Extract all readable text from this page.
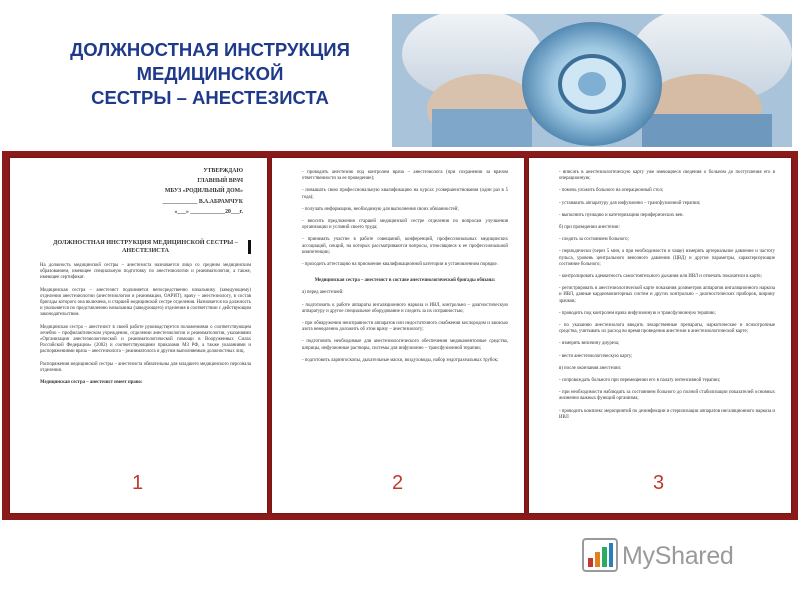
ДОЛЖНОСТНАЯ ИНСТРУКЦИЯ
МЕДИЦИНСКОЙ
СЕСТРЫ – АНЕСТЕЗИСТА
УТВЕРЖДАЮ
ГЛАВНЫЙ ВРАЧ
МБУЗ «РОДИЛЬНЫЙ ДОМ»
____________ В.А.АБРАМЧУК
«___» ____________20___г.
ДОЛЖНОСТНАЯ ИНСТРУКЦИЯ МЕДИЦИНСКОЙ СЕСТРЫ – АНЕСТЕЗИСТА

На должность медицинской сестры – анестезиста назначается лицо со средним медицинским образованием, имеющее специальную подготовку по анестезиологии и реаниматологии, а также, имеющее сертификат.

Медицинская сестра – анестезист подчиняется непосредственно начальнику (заведующему) отделения анестезиологии (анестезиологии и реанимации, ОАРИТ), врачу – анестезиологу, в состав бригады которого она включена, и старшей медицинской сестре отделения. Назначается на должность и увольняется по представлению начальника (заведующего) отделения в соответствии с действующим законодательством.

Медицинская сестра – анестезист в своей работе руководствуется положениями о соответствующем лечебно – профилактическом учреждении, отделении анестезиологии и реаниматологии, указаниями «Организация анестезиологической и реаниматологической помощи в Вооруженных Силах Российской Федерации» (2002) и соответствующими приказами МЗ РФ, а также указаниями и распоряжениями врача – анестезиолога – реаниматолога и другим выполняемым должностных лиц.

Распоряжения медицинской сестры – анестезиста обязательны для младшего медицинского персонала отделения.

Медицинская сестра – анестезист имеет право:

1

- проводить анестезию под контролем врача – анестезиолога (при сохранении за врачом ответственности за ее проведение);

- повышать свою профессиональную квалификацию на курсах усовершенствования (один раз в 5 года);

- получать информацию, необходимую для выполнения своих обязанностей;

- вносить предложения старшей медицинской сестре отделения по вопросам улучшения организации и условий своего труда;

- принимать участие в работе совещаний, конференций, профессиональных медицинских ассоциаций, секций, на которых рассматриваются вопросы, относящиеся к ее профессиональной компетенции;

- проходить аттестацию на присвоение квалификационной категории в установленном порядке.

Медицинская сестра – анестезист в составе анестезиологической бригады обязана:

а) перед анестезией:

- подготовить к работе аппараты ингаляционного наркоза и ИВЛ, контрольно – диагностическую аппаратуру и другое специальное оборудование и следить за их исправностью;

- при обнаружении неисправности аппаратов или недостаточного снабжения кислородом и закисью азота немедленно доложить об этом врачу – анестезиологу;

- подготовить необходимые для анестезиологического обеспечения медикаментозные средства, шприцы, инфузионные растворы, системы для инфузионно – трансфузионной терапии;

- подготовить ларингоскопы, дыхательные маски, воздуховоды, набор эндотрахеальных трубок;

2

- вписать в анестезиологическую карту уже имеющиеся сведения о больном до поступления его в операционную;

- помочь уложить больного на операционный стол;

- устанавить аппаратуру для инфузионно – трансфузионной терапии;

- выполнить пункцию и катетеризацию периферических вен.

б) при проведении анестезии:

- следить за состоянием больного;

- периодически (через 5 мин, а при необходимости и чаще) измерять артериальное давление и частоту пульса, уровень центрального венозного давления (ЦВД) и другие параметры, характеризующие состояние больного;

- контролировать адекватность самостоятельного дыхания или ИВЛ и отмечать показатели в карте;

- регистрировать в анестезиологической карте показания дозиметров аппаратов ингаляционного наркоза и ИВЛ, данные кардиомониторных систем и других контрольно – диагностических приборов, ширину зрачков;

- проводить под контролем врача инфузионную и трансфузионную терапию;

- по указанию анестезиолога вводить лекарственные препараты, наркотические и психотропные средства, учитывать их расход во время проведения анестезии в анестезиологической карте;

- измерять величину диуреза;

- вести анестезиологическую карту;

в) после окончания анестезии:

- сопровождать больного при перемещении его в палату интенсивной терапии;

- при необходимости наблюдать за состоянием больного до полной стабилизации показателей основных жизненно важных функций организма;

- проводить комплекс мероприятий по дезинфекции и стерилизации аппаратов ингаляционного наркоза и ИВЛ

3
MyShared
